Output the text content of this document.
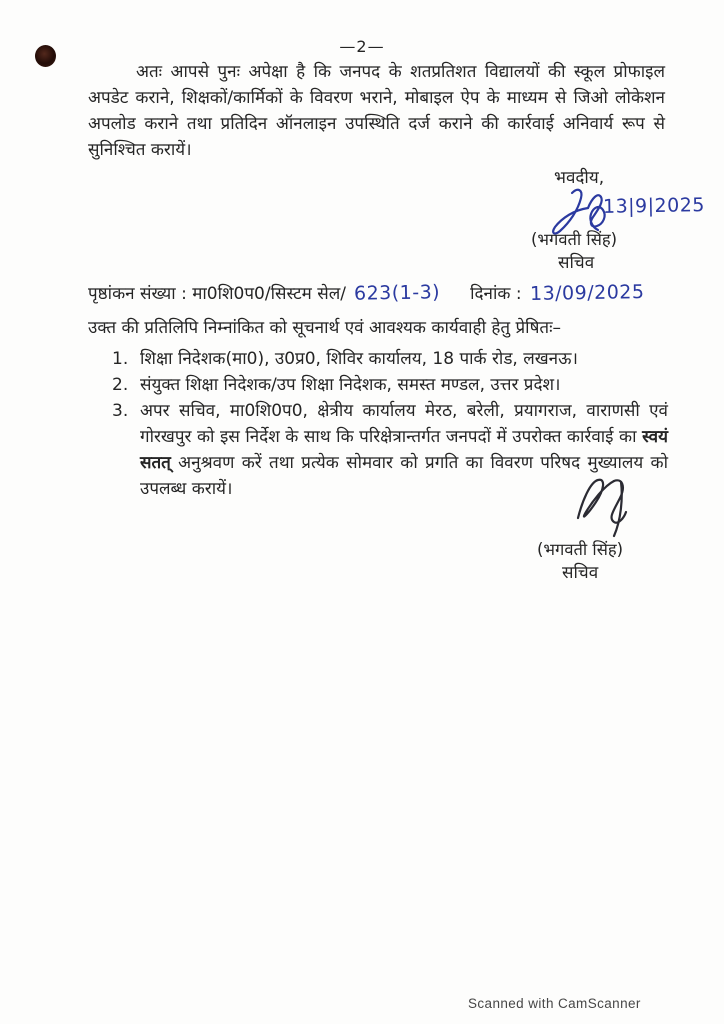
—2—

अतः आपसे पुनः अपेक्षा है कि जनपद के शतप्रतिशत विद्यालयों की स्कूल प्रोफाइल अपडेट कराने, शिक्षकों/कार्मिकों के विवरण भराने, मोबाइल ऐप के माध्यम से जिओ लोकेशन अपलोड कराने तथा प्रतिदिन ऑनलाइन उपस्थिति दर्ज कराने की कार्रवाई अनिवार्य रूप से सुनिश्चित करायें।

भवदीय,
13|9|2025
(भगवती सिंह)
सचिव
पृष्ठांकन संख्या : मा0शि0प0/सिस्टम सेल/ 623(1-3) दिनांक : 13/09/2025
उक्त की प्रतिलिपि निम्नांकित को सूचनार्थ एवं आवश्यक कार्यवाही हेतु प्रेषितः–
1. शिक्षा निदेशक(मा0), उ0प्र0, शिविर कार्यालय, 18 पार्क रोड, लखनऊ।
2. संयुक्त शिक्षा निदेशक/उप शिक्षा निदेशक, समस्त मण्डल, उत्तर प्रदेश।
3. अपर सचिव, मा0शि0प0, क्षेत्रीय कार्यालय मेरठ, बरेली, प्रयागराज, वाराणसी एवं गोरखपुर को इस निर्देश के साथ कि परिक्षेत्रान्तर्गत जनपदों में उपरोक्त कार्रवाई का स्वयं सतत् अनुश्रवण करें तथा प्रत्येक सोमवार को प्रगति का विवरण परिषद मुख्यालय को उपलब्ध करायें।
(भगवती सिंह)
सचिव
Scanned with CamScanner
